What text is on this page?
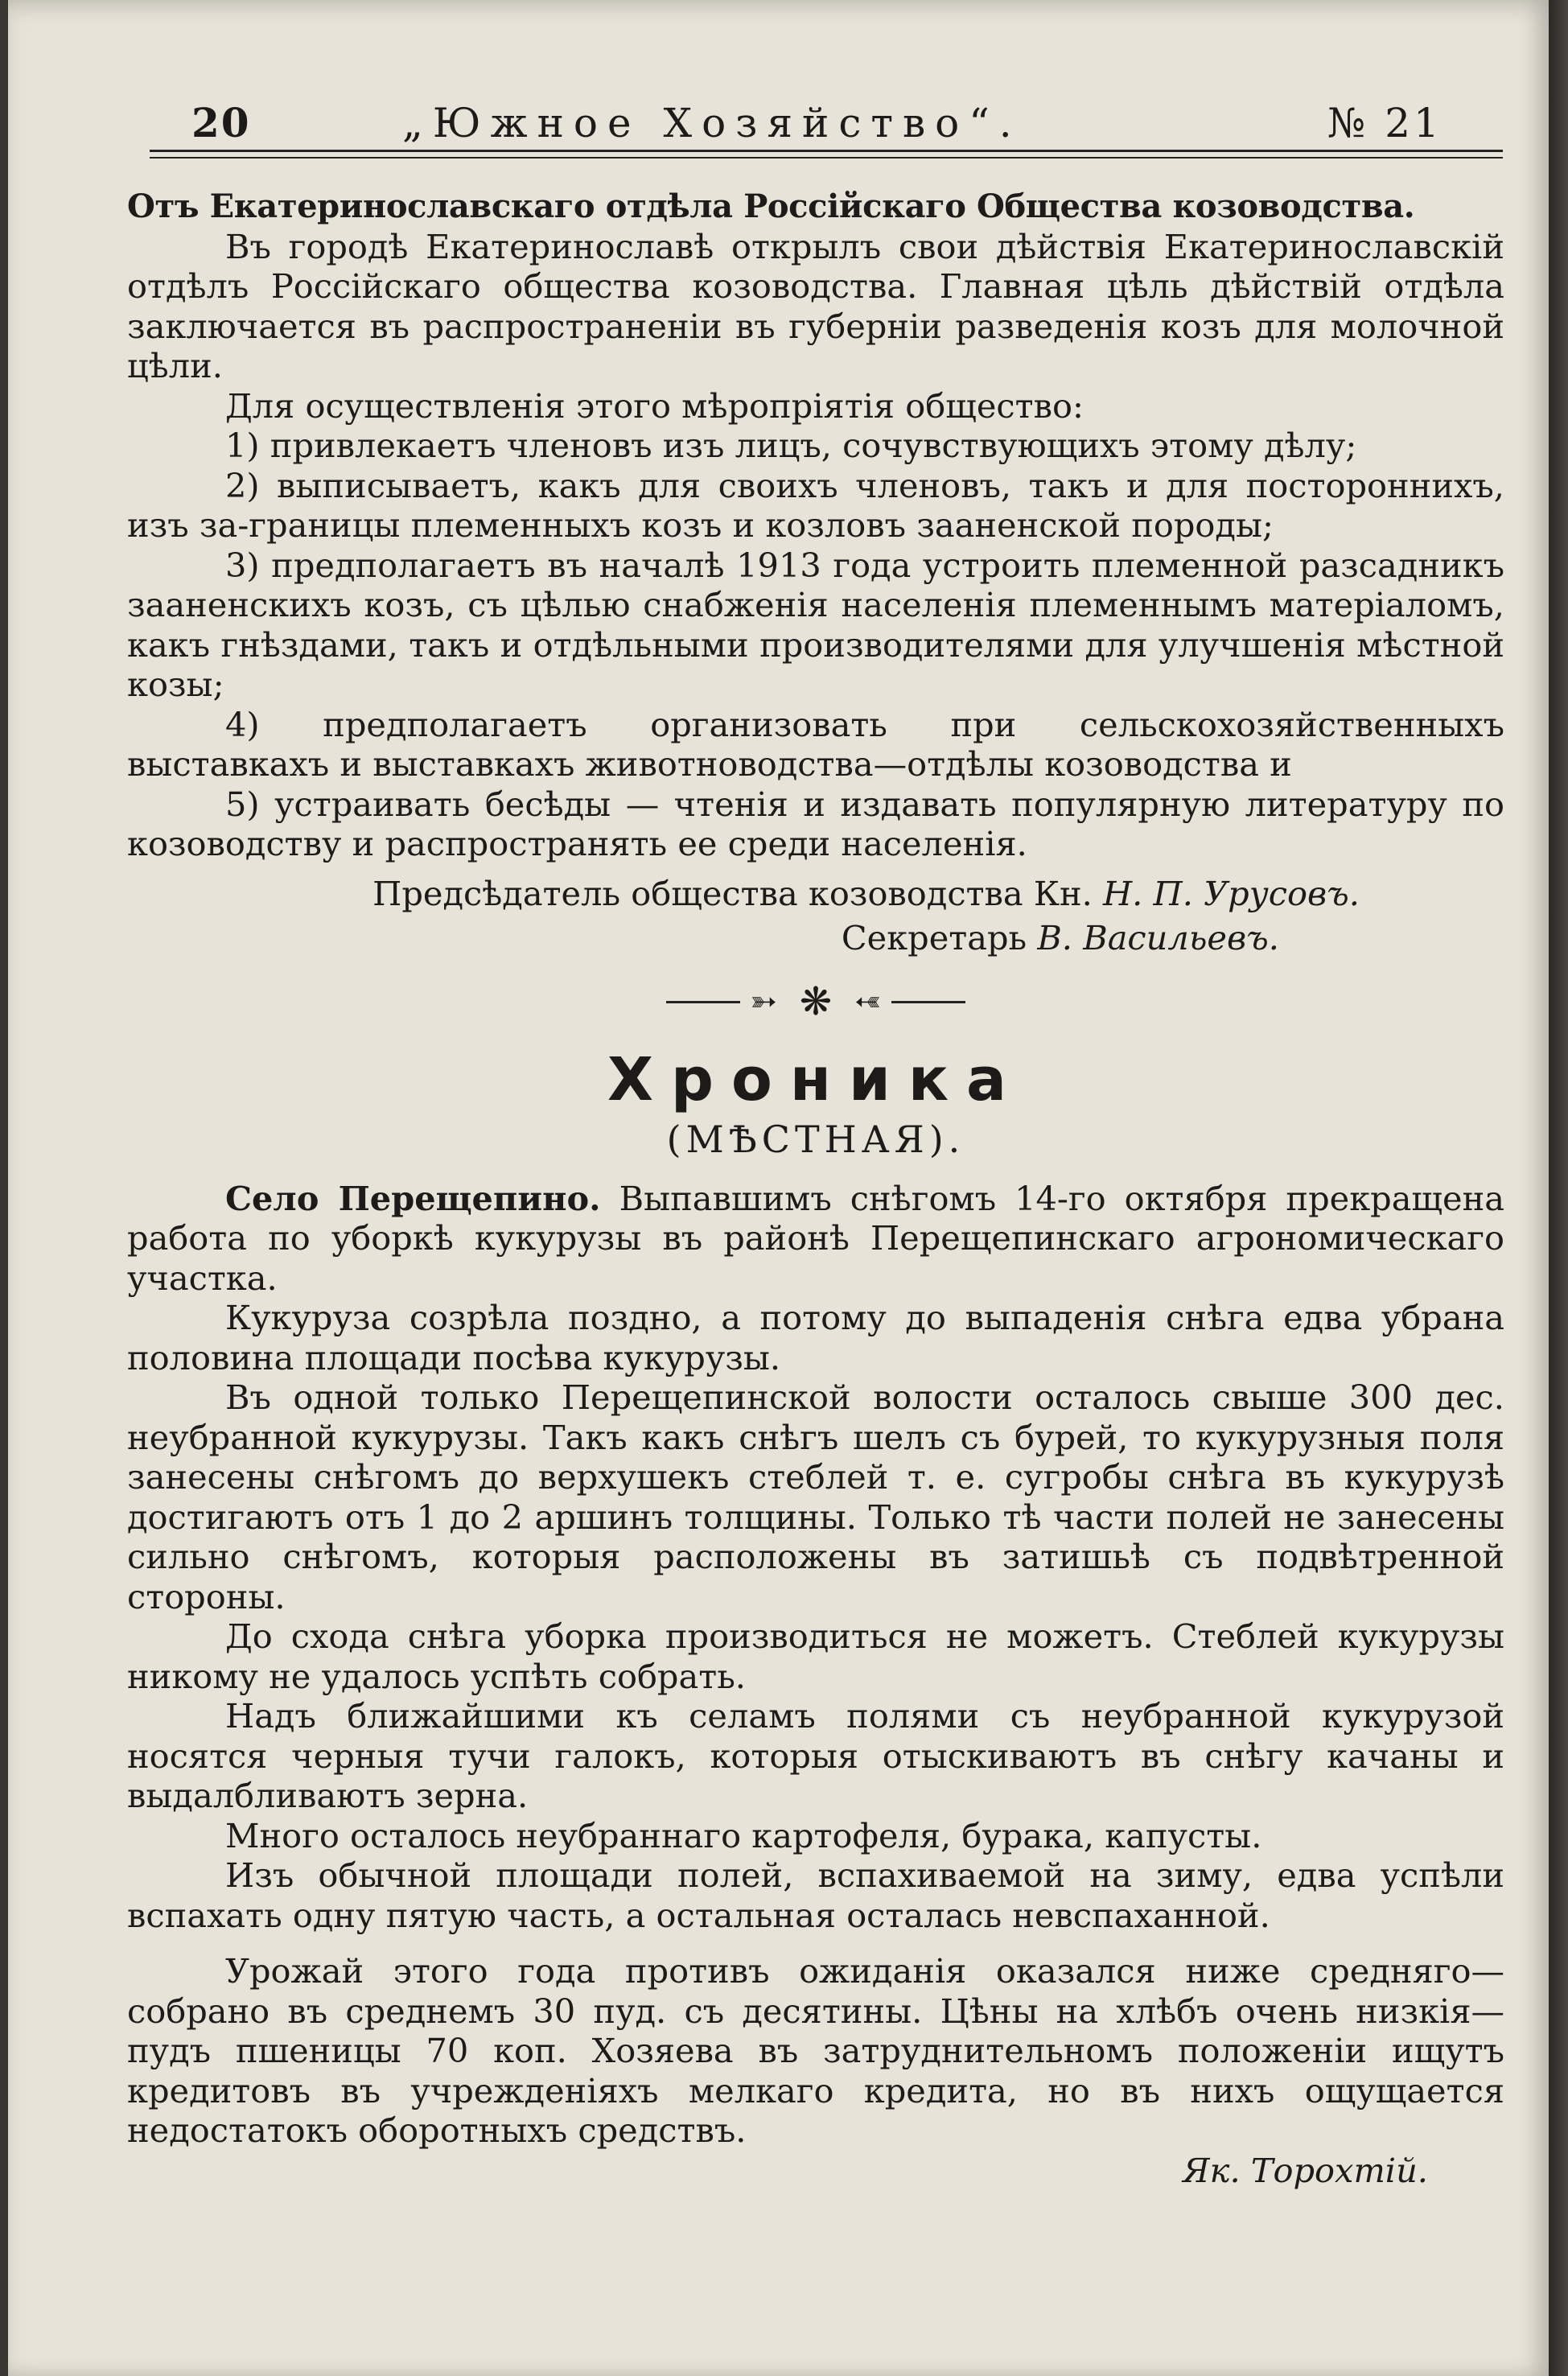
20	„Южное Хозяйство“.	№ 21

Отъ Екатеринославскаго отдѣла Россійскаго Общества козоводства.

Въ городѣ Екатеринославѣ открылъ свои дѣйствія Екатеринославскій отдѣлъ Россійскаго общества козоводства. Главная цѣль дѣйствій отдѣла заключается въ распространеніи въ губерніи разведенія козъ для молочной цѣли.

Для осуществленія этого мѣропріятія общество:

1) привлекаетъ членовъ изъ лицъ, сочувствующихъ этому дѣлу;

2) выписываетъ, какъ для своихъ членовъ, такъ и для постороннихъ, изъ за-границы племенныхъ козъ и козловъ зааненской породы;

3) предполагаетъ въ началѣ 1913 года устроить племенной разсадникъ зааненскихъ козъ, съ цѣлью снабженія населенія племеннымъ матеріаломъ, какъ гнѣздами, такъ и отдѣльными производителями для улучшенія мѣстной козы;

4) предполагаетъ организовать при сельскохозяйственныхъ выставкахъ и выставкахъ животноводства—отдѣлы козоводства и

5) устраивать бесѣды — чтенія и издавать популярную литературу по козоводству и распространять ее среди населенія.

Предсѣдатель общества козоводства Кн. Н. П. Урусовъ.

Секретарь В. Васильевъ.

➳ ❋ ➳
Хроника
(МѢСТНАЯ).

Село Перещепино. Выпавшимъ снѣгомъ 14-го октября прекращена работа по уборкѣ кукурузы въ районѣ Перещепинскаго агрономическаго участка.

Кукуруза созрѣла поздно, а потому до выпаденія снѣга едва убрана половина площади посѣва кукурузы.

Въ одной только Перещепинской волости осталось свыше 300 дес. неубранной кукурузы. Такъ какъ снѣгъ шелъ съ бурей, то кукурузныя поля занесены снѣгомъ до верхушекъ стеблей т. е. сугробы снѣга въ кукурузѣ достигаютъ отъ 1 до 2 аршинъ толщины. Только тѣ части полей не занесены сильно снѣгомъ, которыя расположены въ затишьѣ съ подвѣтренной стороны.

До схода снѣга уборка производиться не можетъ. Стеблей кукурузы никому не удалось успѣть собрать.

Надъ ближайшими къ селамъ полями съ неубранной кукурузой носятся черныя тучи галокъ, которыя отыскиваютъ въ снѣгу качаны и выдалбливаютъ зерна.

Много осталось неубраннаго картофеля, бурака, капусты.

Изъ обычной площади полей, вспахиваемой на зиму, едва успѣли вспахать одну пятую часть, а остальная осталась невспаханной.

Урожай этого года противъ ожиданія оказался ниже средняго—собрано въ среднемъ 30 пуд. съ десятины. Цѣны на хлѣбъ очень низкія—пудъ пшеницы 70 коп. Хозяева въ затруднительномъ положеніи ищутъ кредитовъ въ учрежденіяхъ мелкаго кредита, но въ нихъ ощущается недостатокъ оборотныхъ средствъ.

Як. Торохтій.
